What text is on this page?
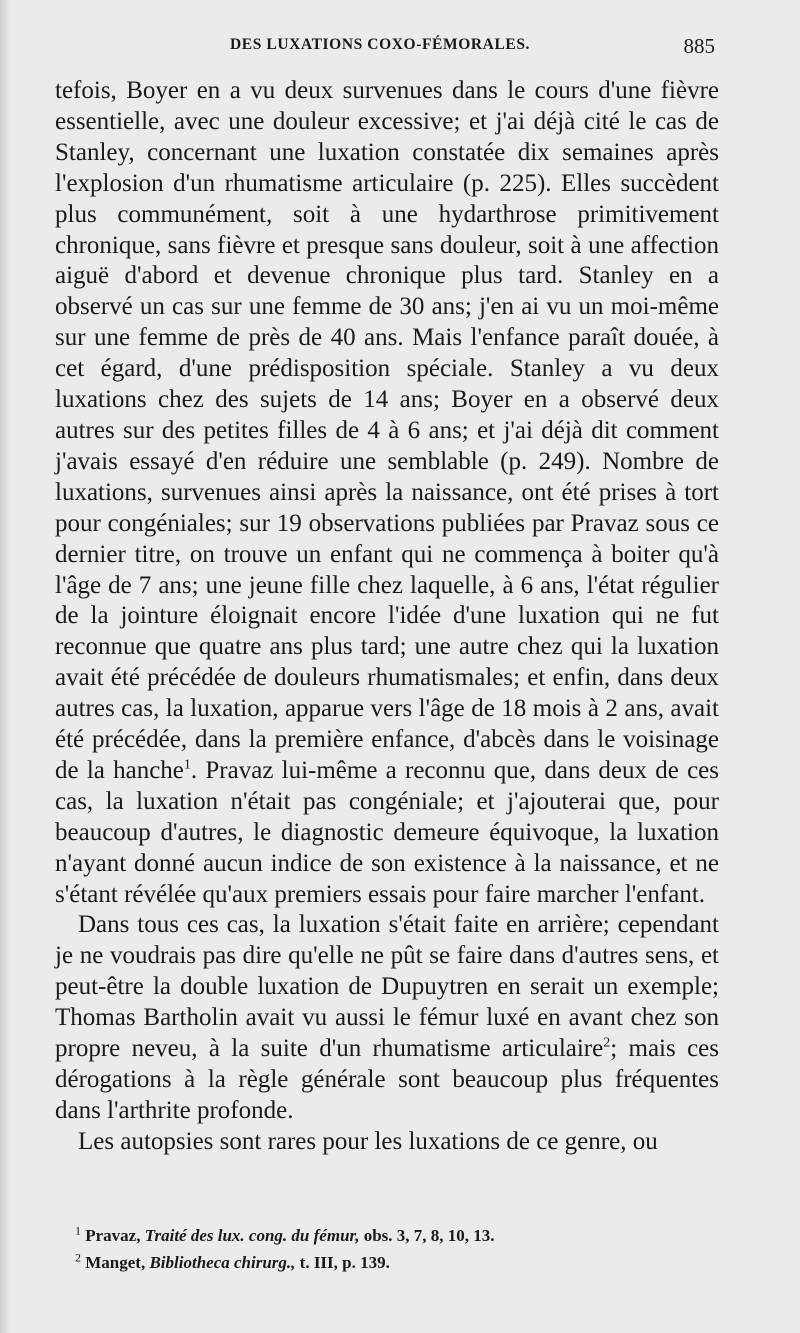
DES LUXATIONS COXO-FÉMORALES.	885

tefois, Boyer en a vu deux survenues dans le cours d'une fièvre essentielle, avec une douleur excessive; et j'ai déjà cité le cas de Stanley, concernant une luxation constatée dix semaines après l'explosion d'un rhumatisme articulaire (p. 225). Elles succèdent plus communément, soit à une hydarthrose primitivement chronique, sans fièvre et presque sans douleur, soit à une affection aiguë d'abord et devenue chronique plus tard. Stanley en a observé un cas sur une femme de 30 ans; j'en ai vu un moi-même sur une femme de près de 40 ans. Mais l'enfance paraît douée, à cet égard, d'une prédisposition spéciale. Stanley a vu deux luxations chez des sujets de 14 ans; Boyer en a observé deux autres sur des petites filles de 4 à 6 ans; et j'ai déjà dit comment j'avais essayé d'en réduire une semblable (p. 249). Nombre de luxations, survenues ainsi après la naissance, ont été prises à tort pour congéniales; sur 19 observations publiées par Pravaz sous ce dernier titre, on trouve un enfant qui ne commença à boiter qu'à l'âge de 7 ans; une jeune fille chez laquelle, à 6 ans, l'état régulier de la jointure éloignait encore l'idée d'une luxation qui ne fut reconnue que quatre ans plus tard; une autre chez qui la luxation avait été précédée de douleurs rhumatismales; et enfin, dans deux autres cas, la luxation, apparue vers l'âge de 18 mois à 2 ans, avait été précédée, dans la première enfance, d'abcès dans le voisinage de la hanche$^1$. Pravaz lui-même a reconnu que, dans deux de ces cas, la luxation n'était pas congéniale; et j'ajouterai que, pour beaucoup d'autres, le diagnostic demeure équivoque, la luxation n'ayant donné aucun indice de son existence à la naissance, et ne s'étant révélée qu'aux premiers essais pour faire marcher l'enfant.

Dans tous ces cas, la luxation s'était faite en arrière; cependant je ne voudrais pas dire qu'elle ne pût se faire dans d'autres sens, et peut-être la double luxation de Dupuytren en serait un exemple; Thomas Bartholin avait vu aussi le fémur luxé en avant chez son propre neveu, à la suite d'un rhumatisme articulaire$^2$; mais ces dérogations à la règle générale sont beaucoup plus fréquentes dans l'arthrite profonde.

Les autopsies sont rares pour les luxations de ce genre, ou

$^1$ Pravaz, Traité des lux. cong. du fémur, obs. 3, 7, 8, 10, 13.

$^2$ Manget, Bibliotheca chirurg., t. III, p. 139.
